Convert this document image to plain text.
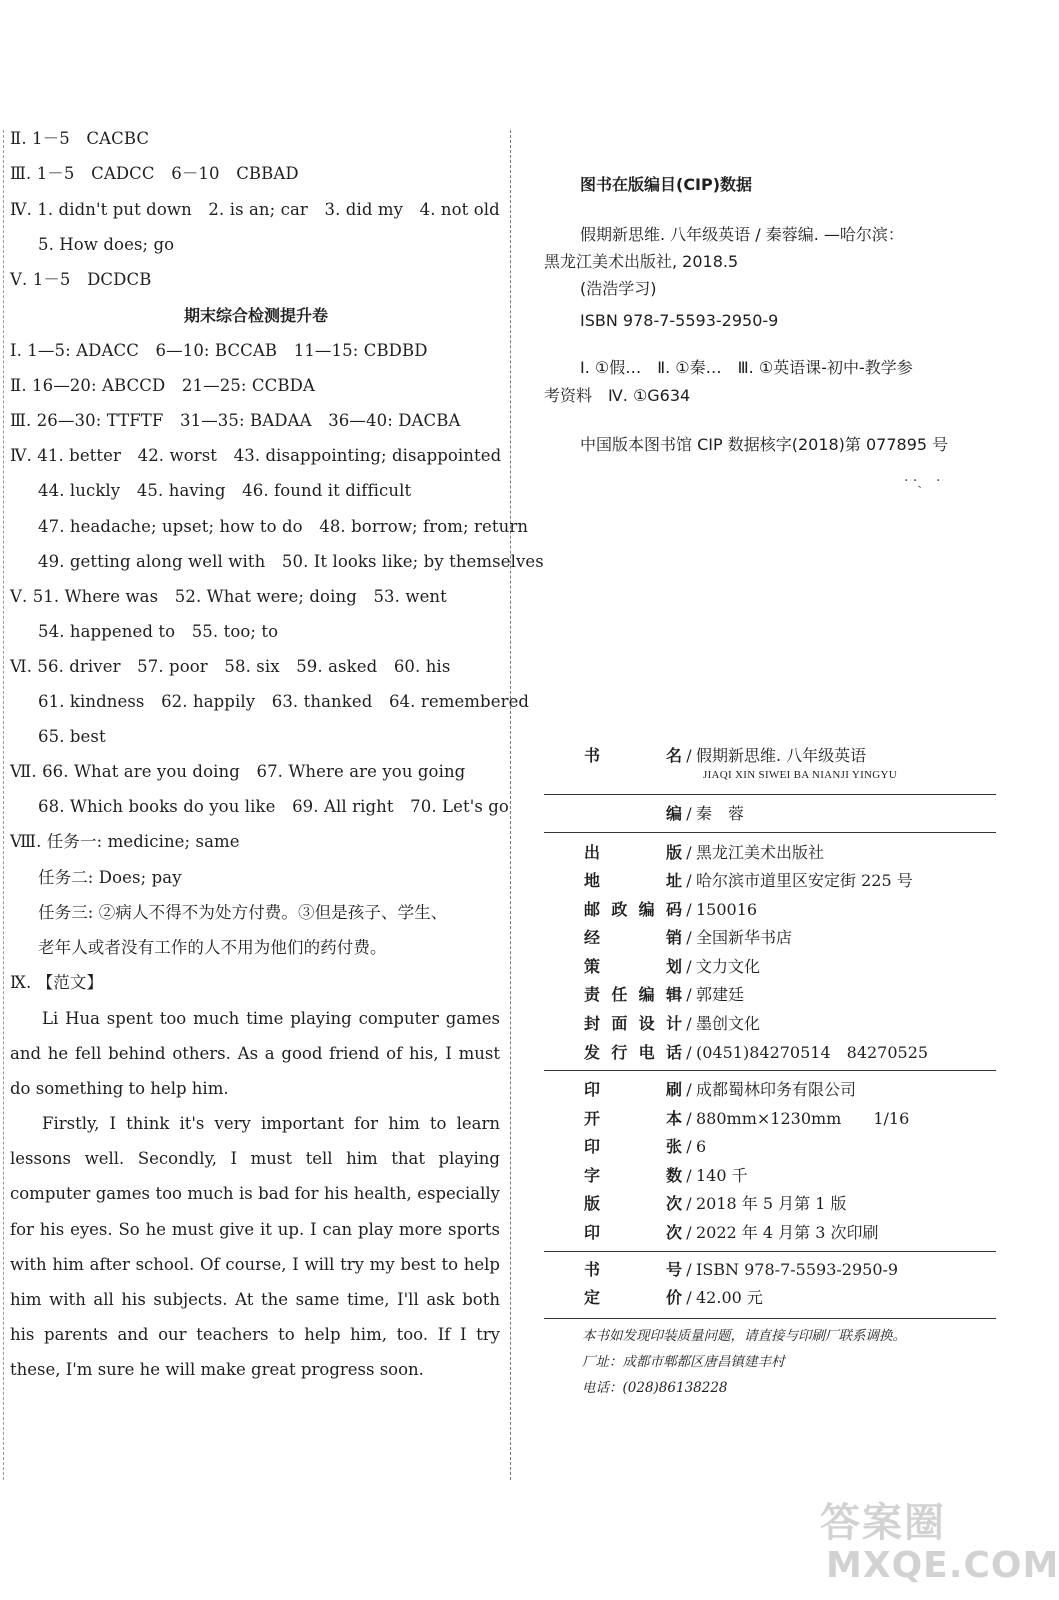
Ⅱ. 1－5　CACBC
Ⅲ. 1－5　CADCC　6－10　CBBAD
Ⅳ. 1. didn't put down　2. is an; car　3. did my　4. not old
5. How does; go
Ⅴ. 1－5　DCDCB
期末综合检测提升卷
Ⅰ. 1—5: ADACC　6—10: BCCAB　11—15: CBDBD
Ⅱ. 16—20: ABCCD　21—25: CCBDA
Ⅲ. 26—30: TTFTF　31—35: BADAA　36—40: DACBA
Ⅳ. 41. better　42. worst　43. disappointing; disappointed
44. luckly　45. having　46. found it difficult
47. headache; upset; how to do　48. borrow; from; return
49. getting along well with　50. It looks like; by themselves
Ⅴ. 51. Where was　52. What were; doing　53. went
54. happened to　55. too; to
Ⅵ. 56. driver　57. poor　58. six　59. asked　60. his
61. kindness　62. happily　63. thanked　64. remembered
65. best
Ⅶ. 66. What are you doing　67. Where are you going
68. Which books do you like　69. All right　70. Let's go
Ⅷ. 任务一: medicine; same
任务二: Does; pay
任务三: ②病人不得不为处方付费。③但是孩子、学生、
老年人或者没有工作的人不用为他们的药付费。
Ⅸ. 【范文】
Li Hua spent too much time playing computer games and he fell behind others. As a good friend of his, I must do something to help him.
Firstly, I think it's very important for him to learn lessons well. Secondly, I must tell him that playing computer games too much is bad for his health, especially for his eyes. So he must give it up. I can play more sports with him after school. Of course, I will try my best to help him with all his subjects. At the same time, I'll ask both his parents and our teachers to help him, too. If I try these, I'm sure he will make great progress soon.
图书在版编目(CIP)数据
假期新思维. 八年级英语 / 秦蓉编. —哈尔滨：
黑龙江美术出版社, 2018.5
(浩浩学习)
ISBN 978-7-5593-2950-9
Ⅰ. ①假…　Ⅱ. ①秦…　Ⅲ. ①英语课-初中-教学参
考资料　Ⅳ. ①G634
中国版本图书馆 CIP 数据核字(2018)第 077895 号
· ·ˎ　·
书　　名 / 假期新思维. 八年级英语
JIAQI XIN SIWEI BA NIANJI YINGYU
编 / 秦　蓉
出　　版 / 黑龙江美术出版社
地　　址 / 哈尔滨市道里区安定街 225 号
邮政编码 / 150016
经　　销 / 全国新华书店
策　　划 / 文力文化
责任编辑 / 郭建廷
封面设计 / 墨创文化
发行电话 / (0451)84270514　84270525
印　　刷 / 成都蜀林印务有限公司
开　　本 / 880mm×1230mm　　1/16
印　　张 / 6
字　　数 / 140 千
版　　次 / 2018 年 5 月第 1 版
印　　次 / 2022 年 4 月第 3 次印刷
书　　号 / ISBN 978-7-5593-2950-9
定　　价 / 42.00 元
本书如发现印装质量问题，请直接与印刷厂联系调换。
厂址：成都市郫都区唐昌镇建丰村
电话：(028)86138228
答案圈
MXQE.COM
